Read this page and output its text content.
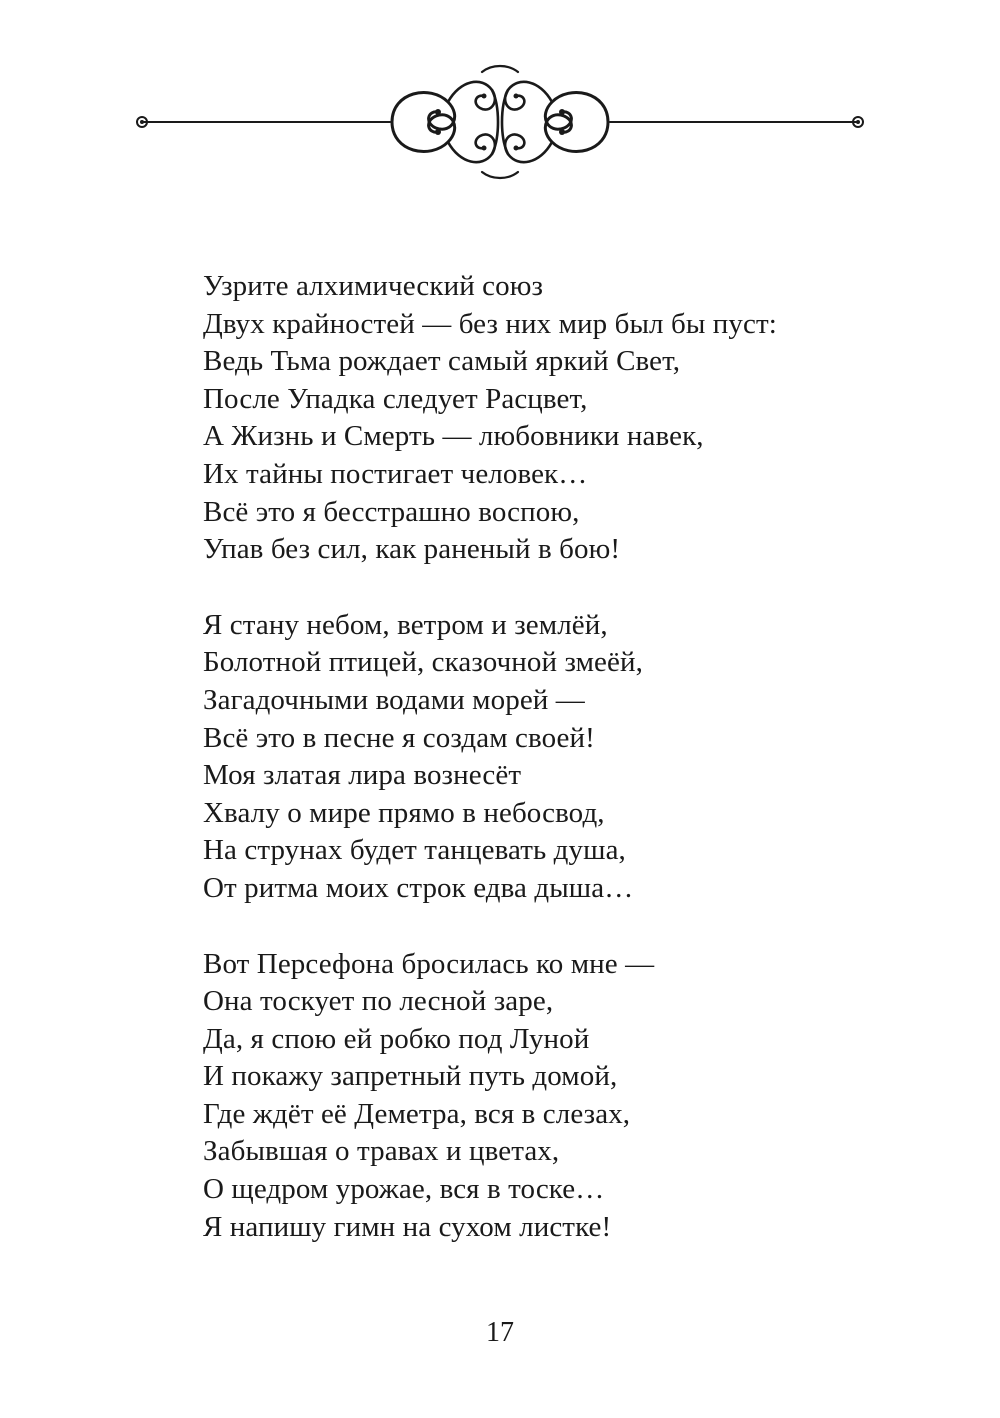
Узрите алхимический союз
Двух крайностей — без них мир был бы пуст:
Ведь Тьма рождает самый яркий Свет,
После Упадка следует Расцвет,
А Жизнь и Смерть — любовники навек,
Их тайны постигает человек…
Всё это я бесстрашно воспою,
Упав без сил, как раненый в бою!
Я стану небом, ветром и землёй,
Болотной птицей, сказочной змеёй,
Загадочными водами морей —
Всё это в песне я создам своей!
Моя златая лира вознесёт
Хвалу о мире прямо в небосвод,
На струнах будет танцевать душа,
От ритма моих строк едва дыша…
Вот Персефона бросилась ко мне —
Она тоскует по лесной заре,
Да, я спою ей робко под Луной
И покажу запретный путь домой,
Где ждёт её Деметра, вся в слезах,
Забывшая о травах и цветах,
О щедром урожае, вся в тоске…
Я напишу гимн на сухом листке!
17
